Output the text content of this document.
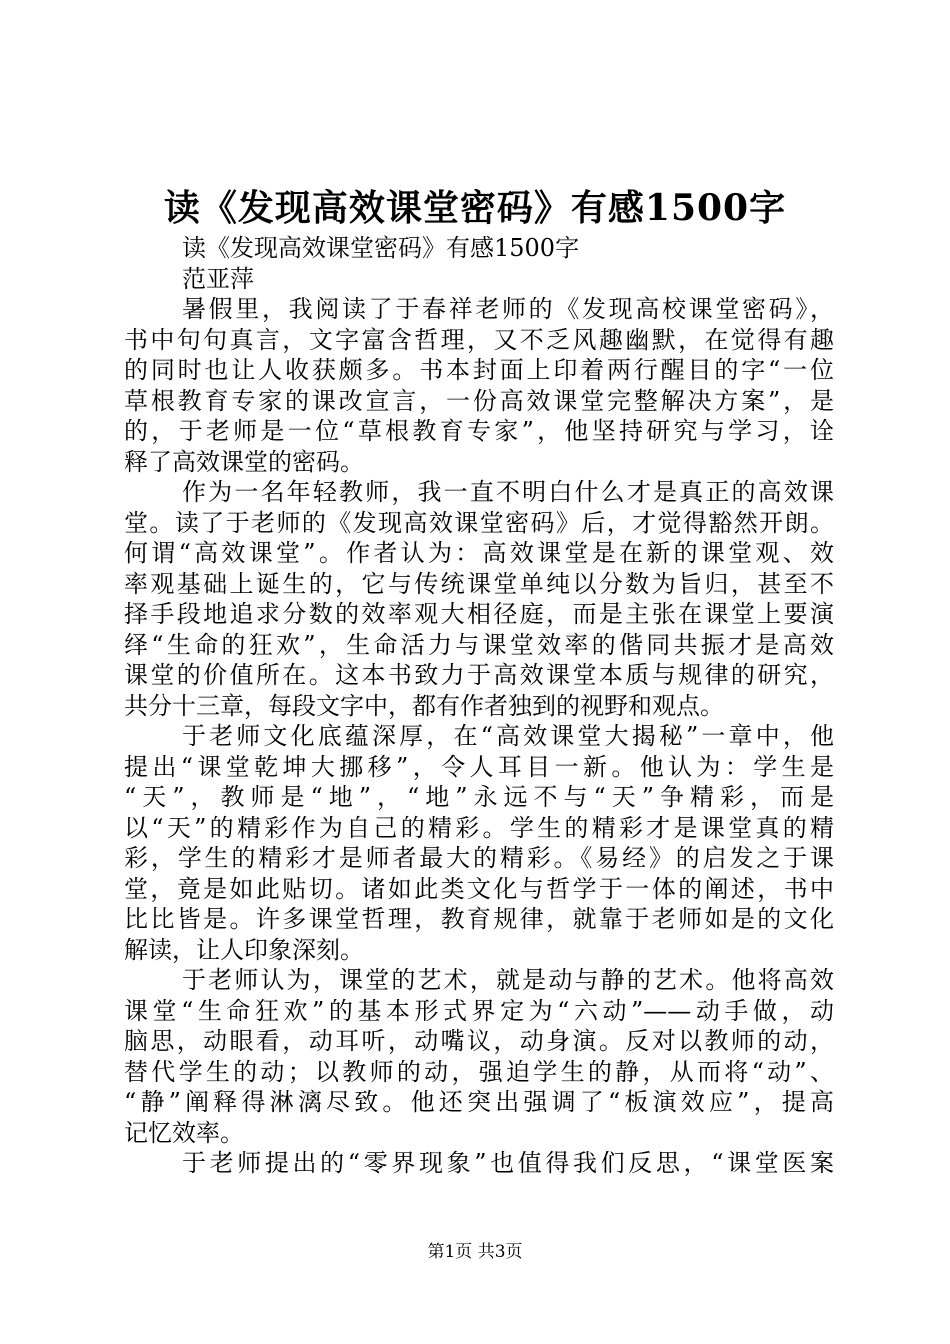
读《发现高效课堂密码》有感1500字
读《发现高效课堂密码》有感1500字
范亚萍
暑假里，我阅读了于春祥老师的《发现高校课堂密码》，
书中句句真言，文字富含哲理，又不乏风趣幽默，在觉得有趣
的同时也让人收获颇多。书本封面上印着两行醒目的字“一位
草根教育专家的课改宣言，一份高效课堂完整解决方案”，是
的，于老师是一位“草根教育专家”，他坚持研究与学习，诠
释了高效课堂的密码。
作为一名年轻教师，我一直不明白什么才是真正的高效课
堂。读了于老师的《发现高效课堂密码》后，才觉得豁然开朗。
何谓“高效课堂”。作者认为：高效课堂是在新的课堂观、效
率观基础上诞生的，它与传统课堂单纯以分数为旨归，甚至不
择手段地追求分数的效率观大相径庭，而是主张在课堂上要演
绎“生命的狂欢”，生命活力与课堂效率的偕同共振才是高效
课堂的价值所在。这本书致力于高效课堂本质与规律的研究，
共分十三章，每段文字中，都有作者独到的视野和观点。
于老师文化底蕴深厚，在“高效课堂大揭秘”一章中，他
提出“课堂乾坤大挪移”，令人耳目一新。他认为：学生是
“天”，教师是“地”，“地”永远不与“天”争精彩，而是
以“天”的精彩作为自己的精彩。学生的精彩才是课堂真的精
彩，学生的精彩才是师者最大的精彩。《易经》的启发之于课
堂，竟是如此贴切。诸如此类文化与哲学于一体的阐述，书中
比比皆是。许多课堂哲理，教育规律，就靠于老师如是的文化
解读，让人印象深刻。
于老师认为，课堂的艺术，就是动与静的艺术。他将高效
课堂“生命狂欢”的基本形式界定为“六动”——动手做，动
脑思，动眼看，动耳听，动嘴议，动身演。反对以教师的动，
替代学生的动；以教师的动，强迫学生的静，从而将“动”、
“静”阐释得淋漓尽致。他还突出强调了“板演效应”，提高
记忆效率。
于老师提出的“零界现象”也值得我们反思，“课堂医案
第1页 共3页
